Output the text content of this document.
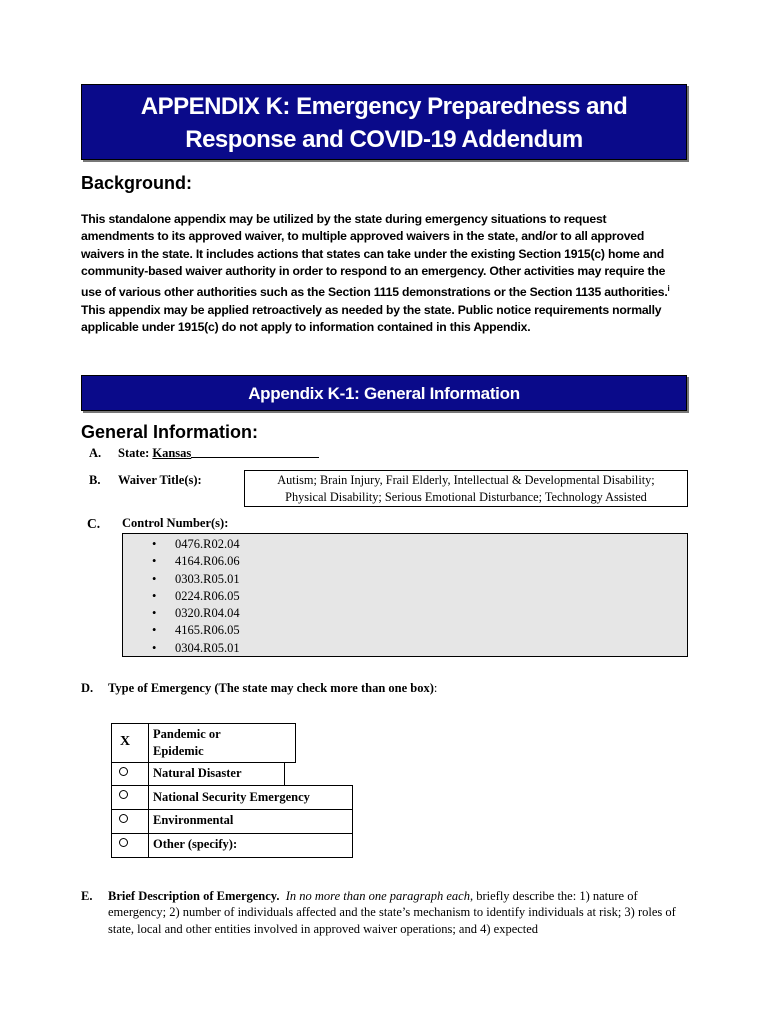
APPENDIX K: Emergency Preparedness and
Response and COVID-19 Addendum
Background:
This standalone appendix may be utilized by the state during emergency situations to request amendments to its approved waiver, to multiple approved waivers in the state, and/or to all approved waivers in the state. It includes actions that states can take under the existing Section 1915(c) home and community-based waiver authority in order to respond to an emergency. Other activities may require the use of various other authorities such as the Section 1115 demonstrations or the Section 1135 authorities.$^i$ This appendix may be applied retroactively as needed by the state. Public notice requirements normally applicable under 1915(c) do not apply to information contained in this Appendix.
Appendix K-1: General Information
General Information:
A. State: Kansas
B. Waiver Title(s):	Autism; Brain Injury, Frail Elderly, Intellectual & Developmental Disability;
Physical Disability; Serious Emotional Disturbance; Technology Assisted
C. Control Number(s):
• 0476.R02.04
• 4164.R06.06
• 0303.R05.01
• 0224.R06.05
• 0320.R04.04
• 4165.R06.05
• 0304.R05.01
D. Type of Emergency (The state may check more than one box):
X	Pandemic or
Epidemic
Natural Disaster
National Security Emergency
Environmental
Other (specify):
E. Brief Description of Emergency. In no more than one paragraph each, briefly describe the: 1) nature of emergency; 2) number of individuals affected and the state’s mechanism to identify individuals at risk; 3) roles of state, local and other entities involved in approved waiver operations; and 4) expected
